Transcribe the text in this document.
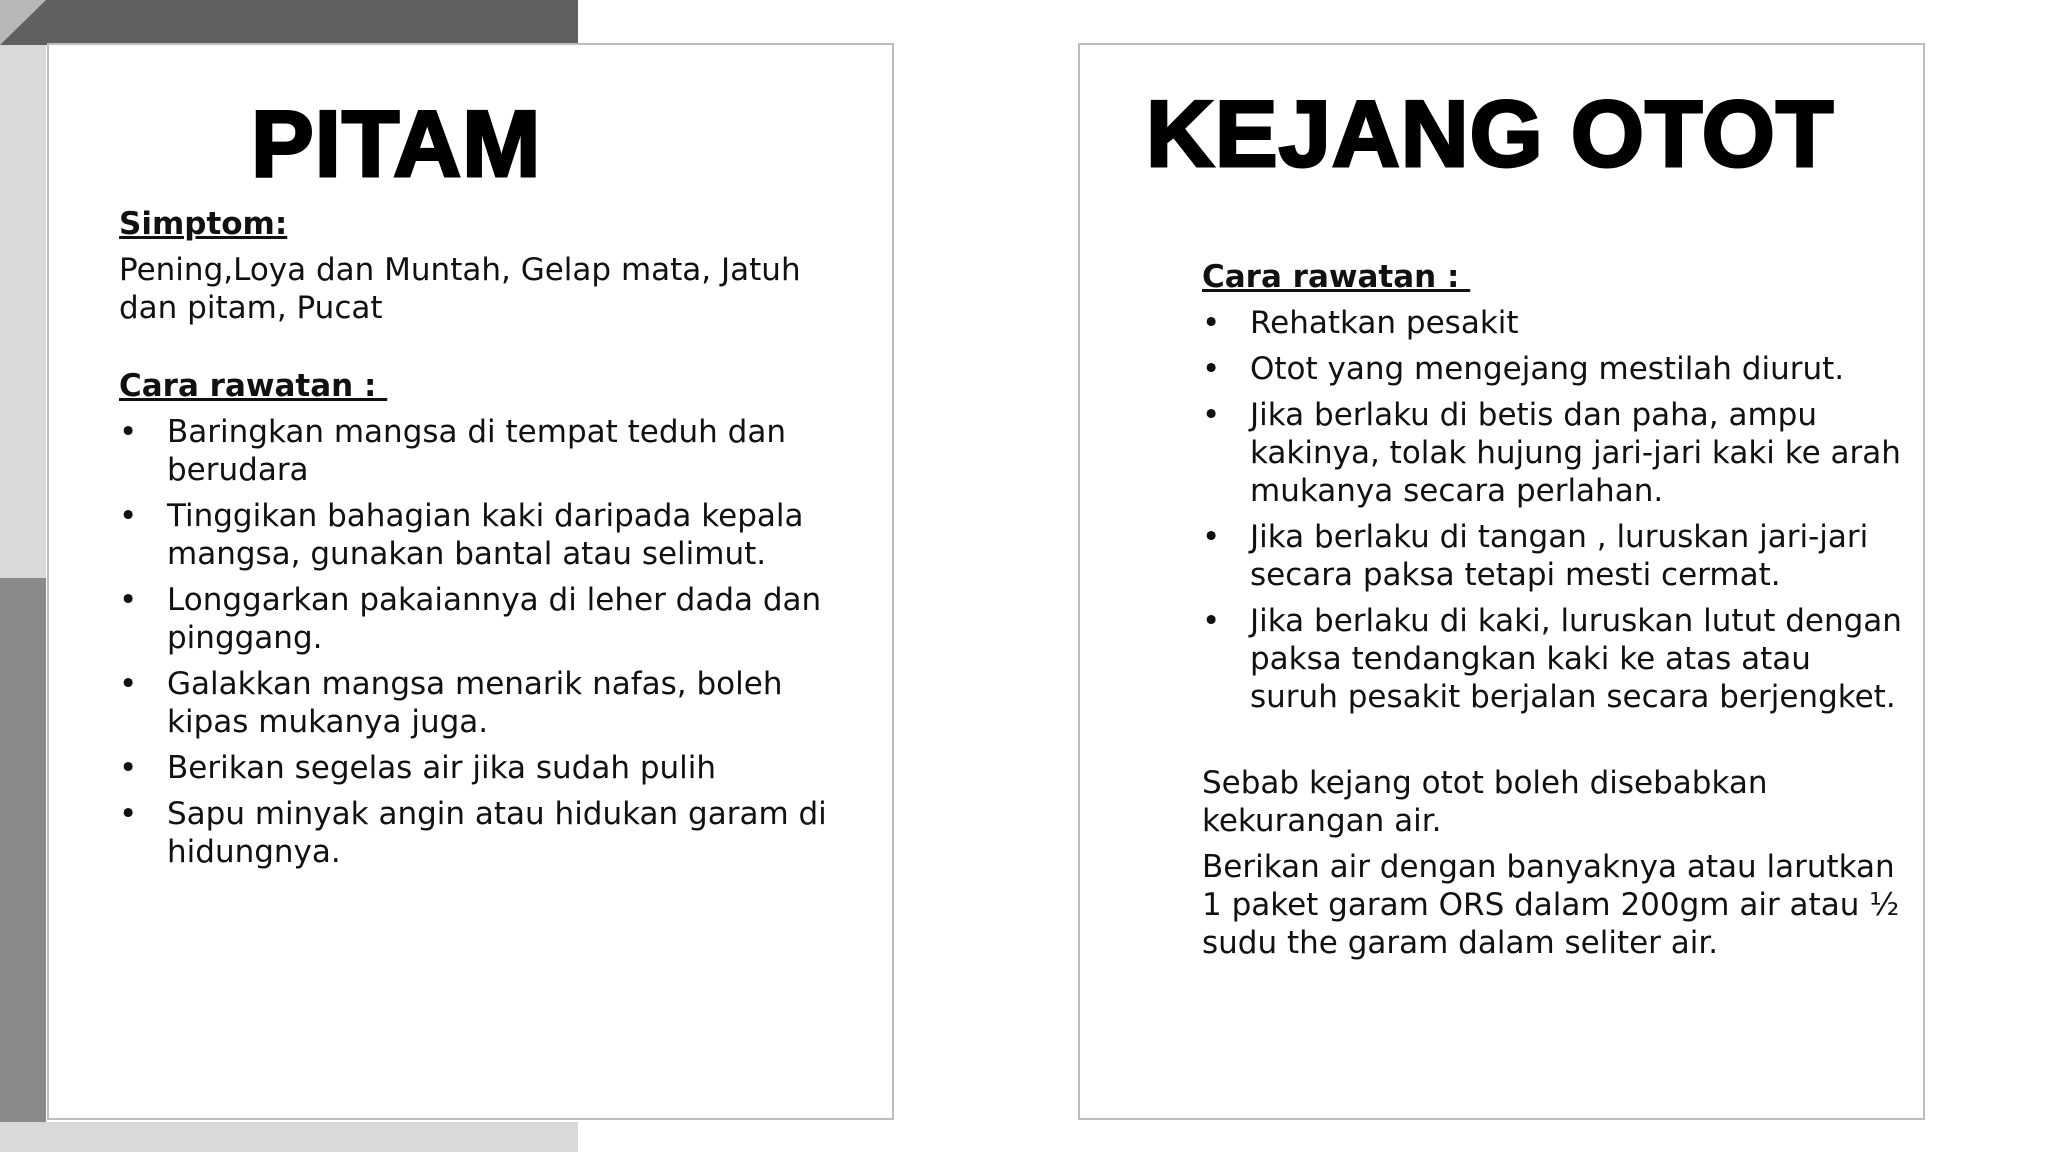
PITAM

Simptom:

Pening,Loya dan Muntah, Gelap mata, Jatuh dan pitam, Pucat

Cara rawatan :

• Baringkan mangsa di tempat teduh dan berudara
• Tinggikan bahagian kaki daripada kepala mangsa, gunakan bantal atau selimut.
• Longgarkan pakaiannya di leher dada dan pinggang.
• Galakkan mangsa menarik nafas, boleh kipas mukanya juga.
• Berikan segelas air jika sudah pulih
• Sapu minyak angin atau hidukan garam di hidungnya.
KEJANG OTOT

Cara rawatan :

• Rehatkan pesakit
• Otot yang mengejang mestilah diurut.
• Jika berlaku di betis dan paha, ampu kakinya, tolak hujung jari-jari kaki ke arah mukanya secara perlahan.
• Jika berlaku di tangan , luruskan jari-jari secara paksa tetapi mesti cermat.
• Jika berlaku di kaki, luruskan lutut dengan paksa tendangkan kaki ke atas atau suruh pesakit berjalan secara berjengket.

Sebab kejang otot boleh disebabkan kekurangan air.

Berikan air dengan banyaknya atau larutkan 1 paket garam ORS dalam 200gm air atau ½ sudu the garam dalam seliter air.
